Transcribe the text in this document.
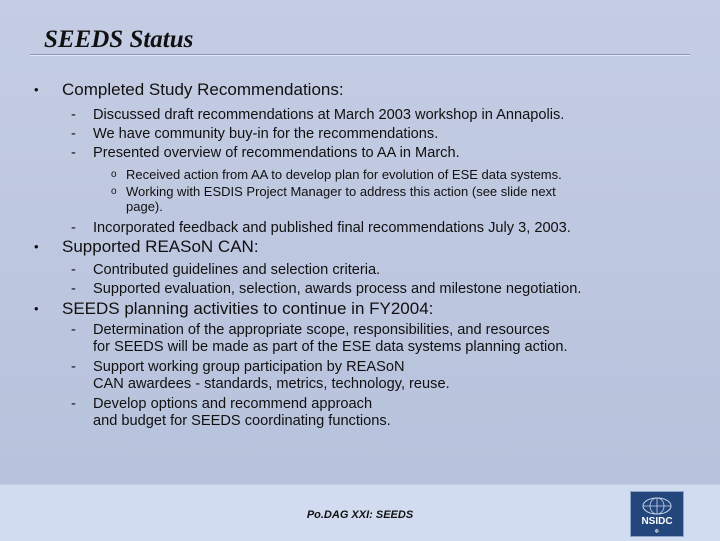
SEEDS Status
• Completed Study Recommendations:
- Discussed draft recommendations at March 2003 workshop in Annapolis.
- We have community buy-in for the recommendations.
- Presented overview of recommendations to AA in March.
o Received action from AA to develop plan for evolution of ESE data systems.
o Working with ESDIS Project Manager to address this action (see slide next
page).
- Incorporated feedback and published final recommendations July 3, 2003.
• Supported REASoN CAN:
- Contributed guidelines and selection criteria.
- Supported evaluation, selection, awards process and milestone negotiation.
• SEEDS planning activities to continue in FY2004:
- Determination of the appropriate scope, responsibilities, and resources
for SEEDS will be made as part of the ESE data systems planning action.
- Support working group participation by REASoN
CAN awardees - standards, metrics, technology, reuse.
- Develop options and recommend approach
and budget for SEEDS coordinating functions.
Po.DAG XXI: SEEDS
❄
NSIDC
